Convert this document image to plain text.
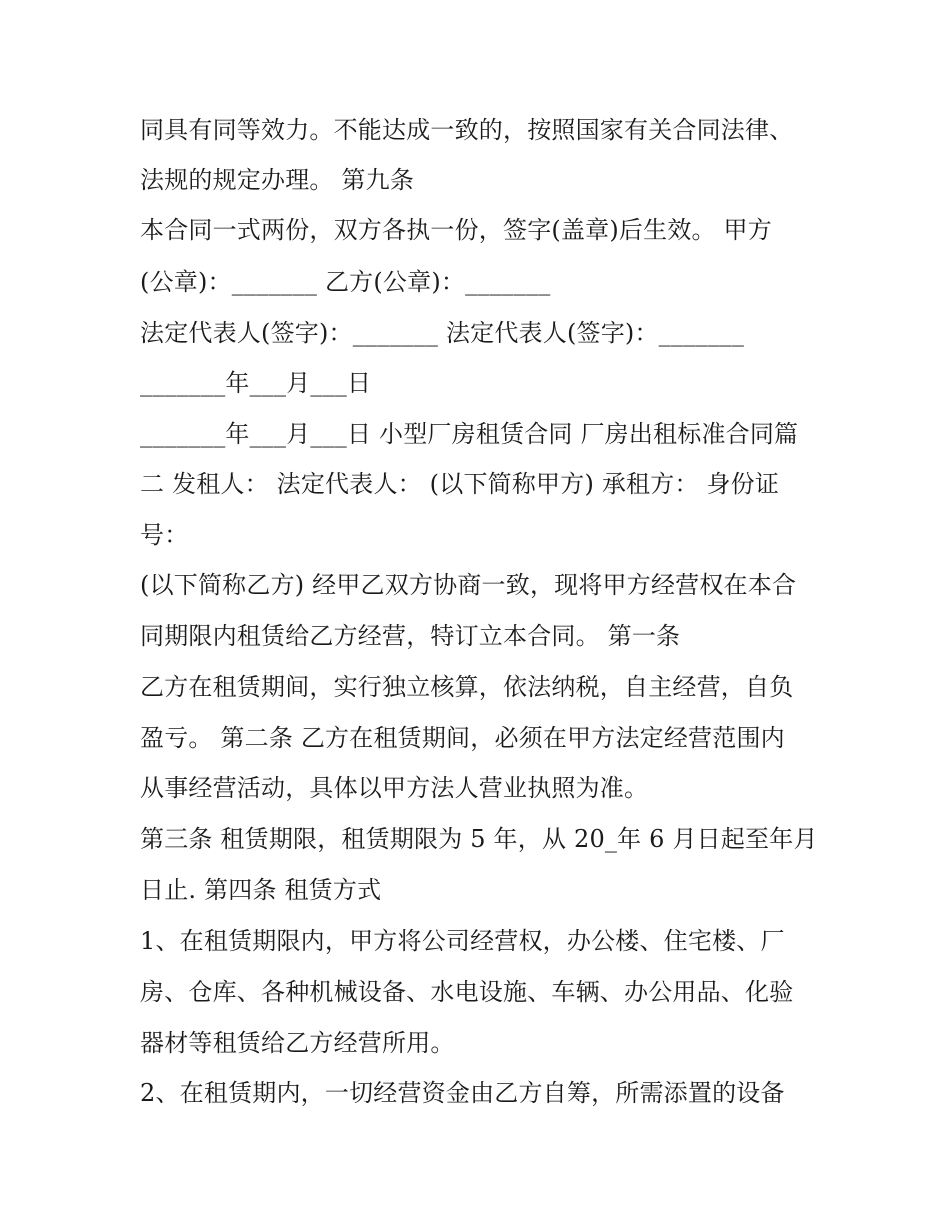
同具有同等效力。不能达成一致的，按照国家有关合同法律、
法规的规定办理。 第九条
本合同一式两份，双方各执一份，签字(盖章)后生效。 甲方
(公章)：_______ 乙方(公章)：_______
法定代表人(签字)：_______ 法定代表人(签字)：_______
_______年___月___日
_______年___月___日 小型厂房租赁合同 厂房出租标准合同篇
二 发租人： 法定代表人： (以下简称甲方) 承租方： 身份证
号：
(以下简称乙方) 经甲乙双方协商一致，现将甲方经营权在本合
同期限内租赁给乙方经营，特订立本合同。 第一条
乙方在租赁期间，实行独立核算，依法纳税，自主经营，自负
盈亏。 第二条 乙方在租赁期间，必须在甲方法定经营范围内
从事经营活动，具体以甲方法人营业执照为准。
第三条 租赁期限，租赁期限为 5 年，从 20_年 6 月日起至年月
日止. 第四条 租赁方式
1、在租赁期限内，甲方将公司经营权，办公楼、住宅楼、厂
房、仓库、各种机械设备、水电设施、车辆、办公用品、化验
器材等租赁给乙方经营所用。
2、在租赁期内，一切经营资金由乙方自筹，所需添置的设备
